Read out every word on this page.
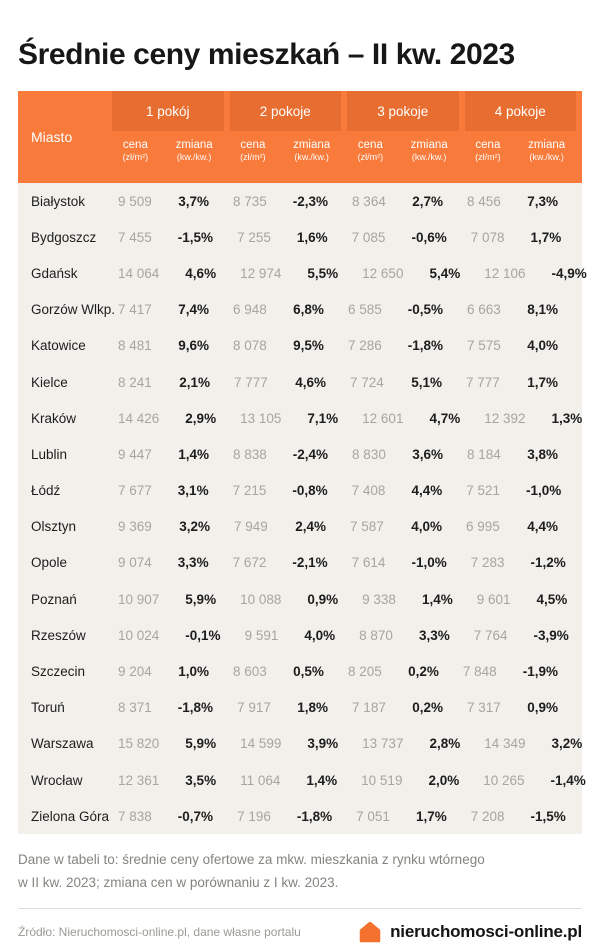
Średnie ceny mieszkań – II kw. 2023
Miasto
1 pokój	2 pokoje	3 pokoje	4 pokoje
cena
(zł/m²)
zmiana
(kw./kw.)
cena
(zł/m²)
zmiana
(kw./kw.)
cena
(zł/m²)
zmiana
(kw./kw.)
cena
(zł/m²)
zmiana
(kw./kw.)
Białystok	9 509	3,7%	8 735	-2,3%	8 364	2,7%	8 456	7,3%
Bydgoszcz	7 455	-1,5%	7 255	1,6%	7 085	-0,6%	7 078	1,7%
Gdańsk	14 064	4,6%	12 974	5,5%	12 650	5,4%	12 106	-4,9%
Gorzów Wlkp. 7 417	7,4%	6 948	6,8%	6 585	-0,5%	6 663	8,1%
Katowice	8 481	9,6%	8 078	9,5%	7 286	-1,8%	7 575	4,0%
Kielce	8 241	2,1%	7 777	4,6%	7 724	5,1%	7 777	1,7%
Kraków	14 426	2,9%	13 105	7,1%	12 601	4,7%	12 392	1,3%
Lublin	9 447	1,4%	8 838	-2,4%	8 830	3,6%	8 184	3,8%
Łódź	7 677	3,1%	7 215	-0,8%	7 408	4,4%	7 521	-1,0%
Olsztyn	9 369	3,2%	7 949	2,4%	7 587	4,0%	6 995	4,4%
Opole	9 074	3,3%	7 672	-2,1%	7 614	-1,0%	7 283	-1,2%
Poznań	10 907	5,9%	10 088	0,9%	9 338	1,4%	9 601	4,5%
Rzeszów	10 024	-0,1%	9 591	4,0%	8 870	3,3%	7 764	-3,9%
Szczecin	9 204	1,0%	8 603	0,5%	8 205	0,2%	7 848	-1,9%
Toruń	8 371	-1,8%	7 917	1,8%	7 187	0,2%	7 317	0,9%
Warszawa	15 820	5,9%	14 599	3,9%	13 737	2,8%	14 349	3,2%
Wrocław	12 361	3,5%	11 064	1,4%	10 519	2,0%	10 265	-1,4%
Zielona Góra 7 838	-0,7%	7 196	-1,8%	7 051	1,7%	7 208	-1,5%

Dane w tabeli to: średnie ceny ofertowe za mkw. mieszkania z rynku wtórnego
w II kw. 2023; zmiana cen w porównaniu z I kw. 2023.

Źródło: Nieruchomosci-online.pl, dane własne portalu	nieruchomosci-online.pl
